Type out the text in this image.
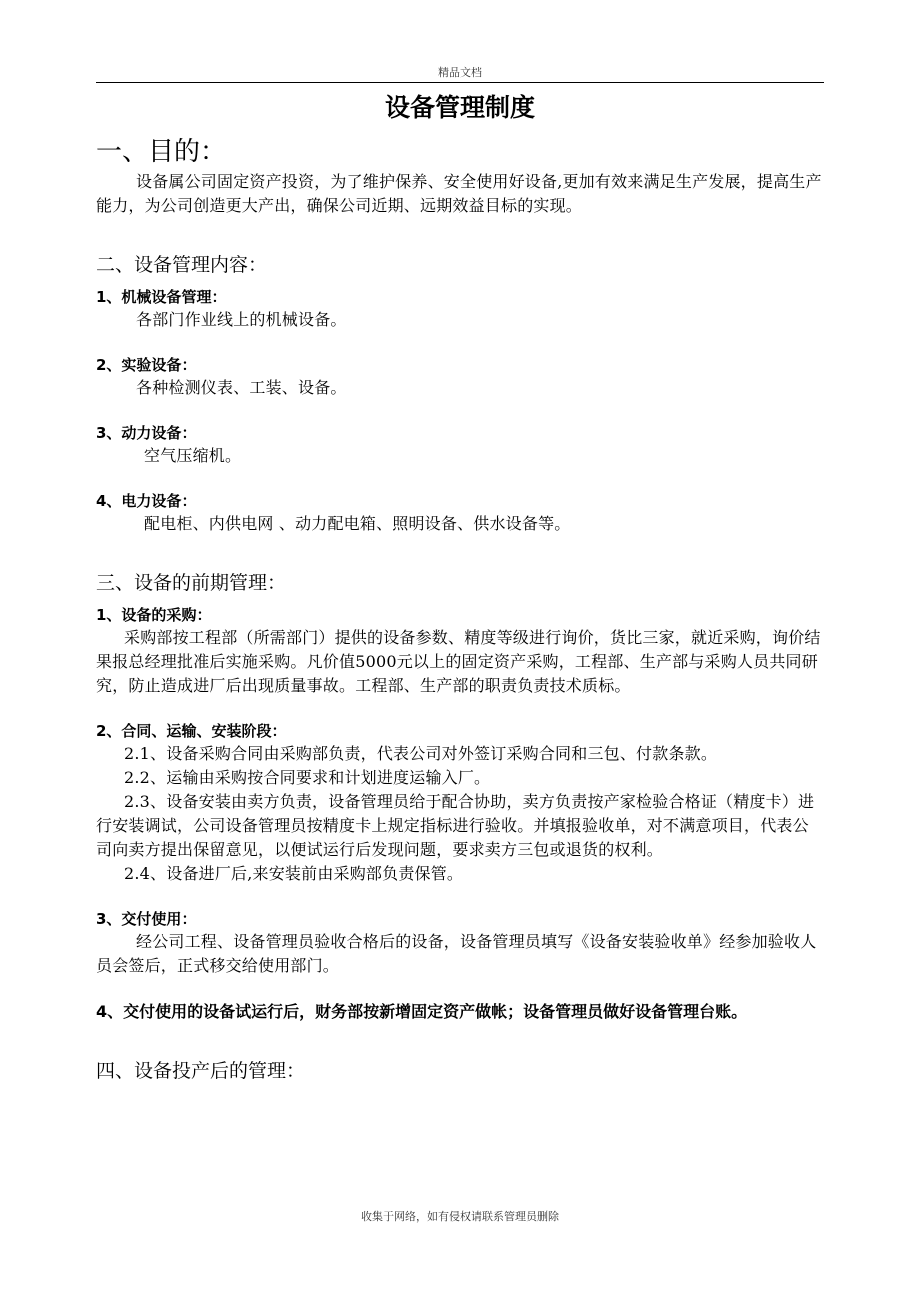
精品文档
设备管理制度
一、目的：
设备属公司固定资产投资，为了维护保养、安全使用好设备,更加有效来满足生产发展，提高生产能力，为公司创造更大产出，确保公司近期、远期效益目标的实现。
二、设备管理内容：
1、机械设备管理：
各部门作业线上的机械设备。
2、实验设备：
各种检测仪表、工装、设备。
3、动力设备：
空气压缩机。
4、电力设备：
配电柜、内供电网 、动力配电箱、照明设备、供水设备等。
三、设备的前期管理：
1、设备的采购：
采购部按工程部（所需部门）提供的设备参数、精度等级进行询价，货比三家，就近采购，询价结果报总经理批准后实施采购。凡价值5000元以上的固定资产采购，工程部、生产部与采购人员共同研究，防止造成进厂后出现质量事故。工程部、生产部的职责负责技术质标。
2、合同、运输、安装阶段：
2.1、设备采购合同由采购部负责，代表公司对外签订采购合同和三包、付款条款。
2.2、运输由采购按合同要求和计划进度运输入厂。
2.3、设备安装由卖方负责，设备管理员给于配合协助，卖方负责按产家检验合格证（精度卡）进行安装调试，公司设备管理员按精度卡上规定指标进行验收。并填报验收单，对不满意项目，代表公司向卖方提出保留意见，以便试运行后发现问题，要求卖方三包或退货的权利。
2.4、设备进厂后,来安装前由采购部负责保管。
3、交付使用：
经公司工程、设备管理员验收合格后的设备，设备管理员填写《设备安装验收单》经参加验收人员会签后，正式移交给使用部门。
4、交付使用的设备试运行后，财务部按新增固定资产做帐；设备管理员做好设备管理台账。
四、设备投产后的管理：
收集于网络，如有侵权请联系管理员删除
